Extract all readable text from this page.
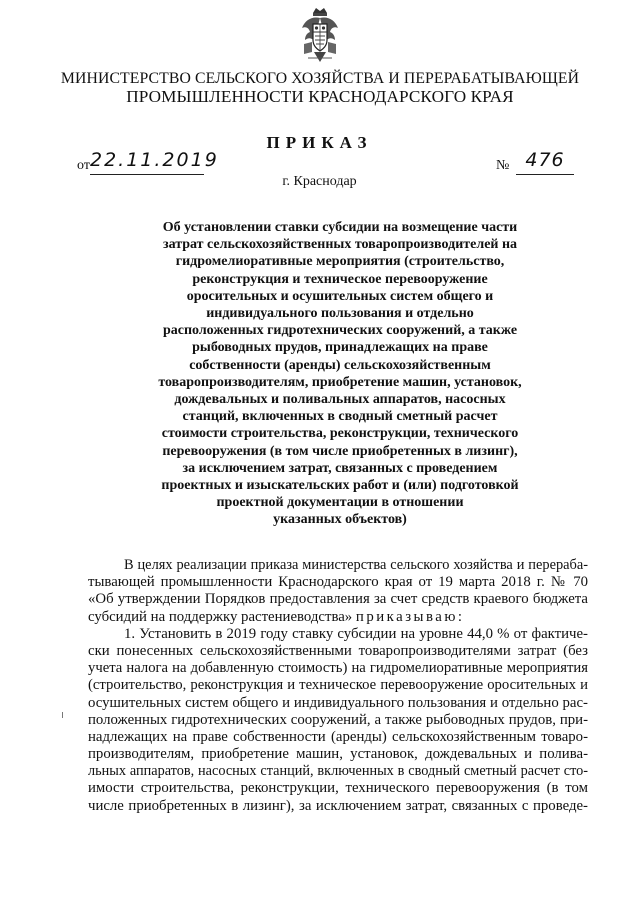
МИНИСТЕРСТВО СЕЛЬСКОГО ХОЗЯЙСТВА И ПЕРЕРАБАТЫВАЮЩЕЙ
ПРОМЫШЛЕННОСТИ КРАСНОДАРСКОГО КРАЯ
ПРИКАЗ
от 22.11.2019	№ 476
г. Краснодар
Об установлении ставки субсидии на возмещение части
затрат сельскохозяйственных товаропроизводителей на
гидромелиоративные мероприятия (строительство,
реконструкция и техническое перевооружение
оросительных и осушительных систем общего и
индивидуального пользования и отдельно
расположенных гидротехнических сооружений, а также
рыбоводных прудов, принадлежащих на праве
собственности (аренды) сельскохозяйственным
товаропроизводителям, приобретение машин, установок,
дождевальных и поливальных аппаратов, насосных
станций, включенных в сводный сметный расчет
стоимости строительства, реконструкции, технического
перевооружения (в том числе приобретенных в лизинг),
за исключением затрат, связанных с проведением
проектных и изыскательских работ и (или) подготовкой
проектной документации в отношении
указанных объектов)
В целях реализации приказа министерства сельского хозяйства и перераба-
тывающей промышленности Краснодарского края от 19 марта 2018 г. № 70
«Об утверждении Порядков предоставления за счет средств краевого бюджета
субсидий на поддержку растениеводства» приказываю:
1. Установить в 2019 году ставку субсидии на уровне 44,0 % от фактиче-
ски понесенных сельскохозяйственными товаропроизводителями затрат (без
учета налога на добавленную стоимость) на гидромелиоративные мероприятия
(строительство, реконструкция и техническое перевооружение оросительных и
осушительных систем общего и индивидуального пользования и отдельно рас-
положенных гидротехнических сооружений, а также рыбоводных прудов, при-
надлежащих на праве собственности (аренды) сельскохозяйственным товаро-
производителям, приобретение машин, установок, дождевальных и полива-
льных аппаратов, насосных станций, включенных в сводный сметный расчет сто-
имости строительства, реконструкции, технического перевооружения (в том
числе приобретенных в лизинг), за исключением затрат, связанных с проведе-
